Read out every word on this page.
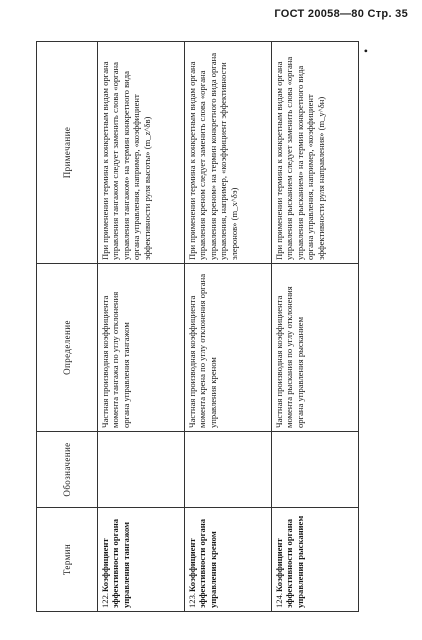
ГОСТ 20058—80 Стр. 35
•
Термин	Обозначение	Определение	Примечание
122.Коэффициент эффективности органа управления тангажом		Частная производная коэффициента момента тангажа по углу отклонения органа управления тангажом	При применении термина к конкретным видам органа управления тангажом следует заменить слова «органа управления тангажом» на термин конкретного вида органа управления, например, «коэффициент эффективности руля высоты» (m_z^δв)
123.Коэффициент эффективности органа управления креном		Частная производная коэффициента момента крена по углу отклонения органа управления креном	При применении термина к конкретным видам органа управления креном следует заменить слова «органа управления креном» на термин конкретного вида органа управления, например, «коэффициент эффективности элеронов» (m_x^δэ)
124.Коэффициент эффективности органа управления рысканием		Частная производная коэффициента момента рыскания по углу отклонения органа управления рысканием	При применении термина к конкретным видам органа управления рысканием следует заменить слова «органа управления рысканием» на термин конкретного вида органа управления, например, «коэффициент эффективности руля направления» (m_y^δн)
